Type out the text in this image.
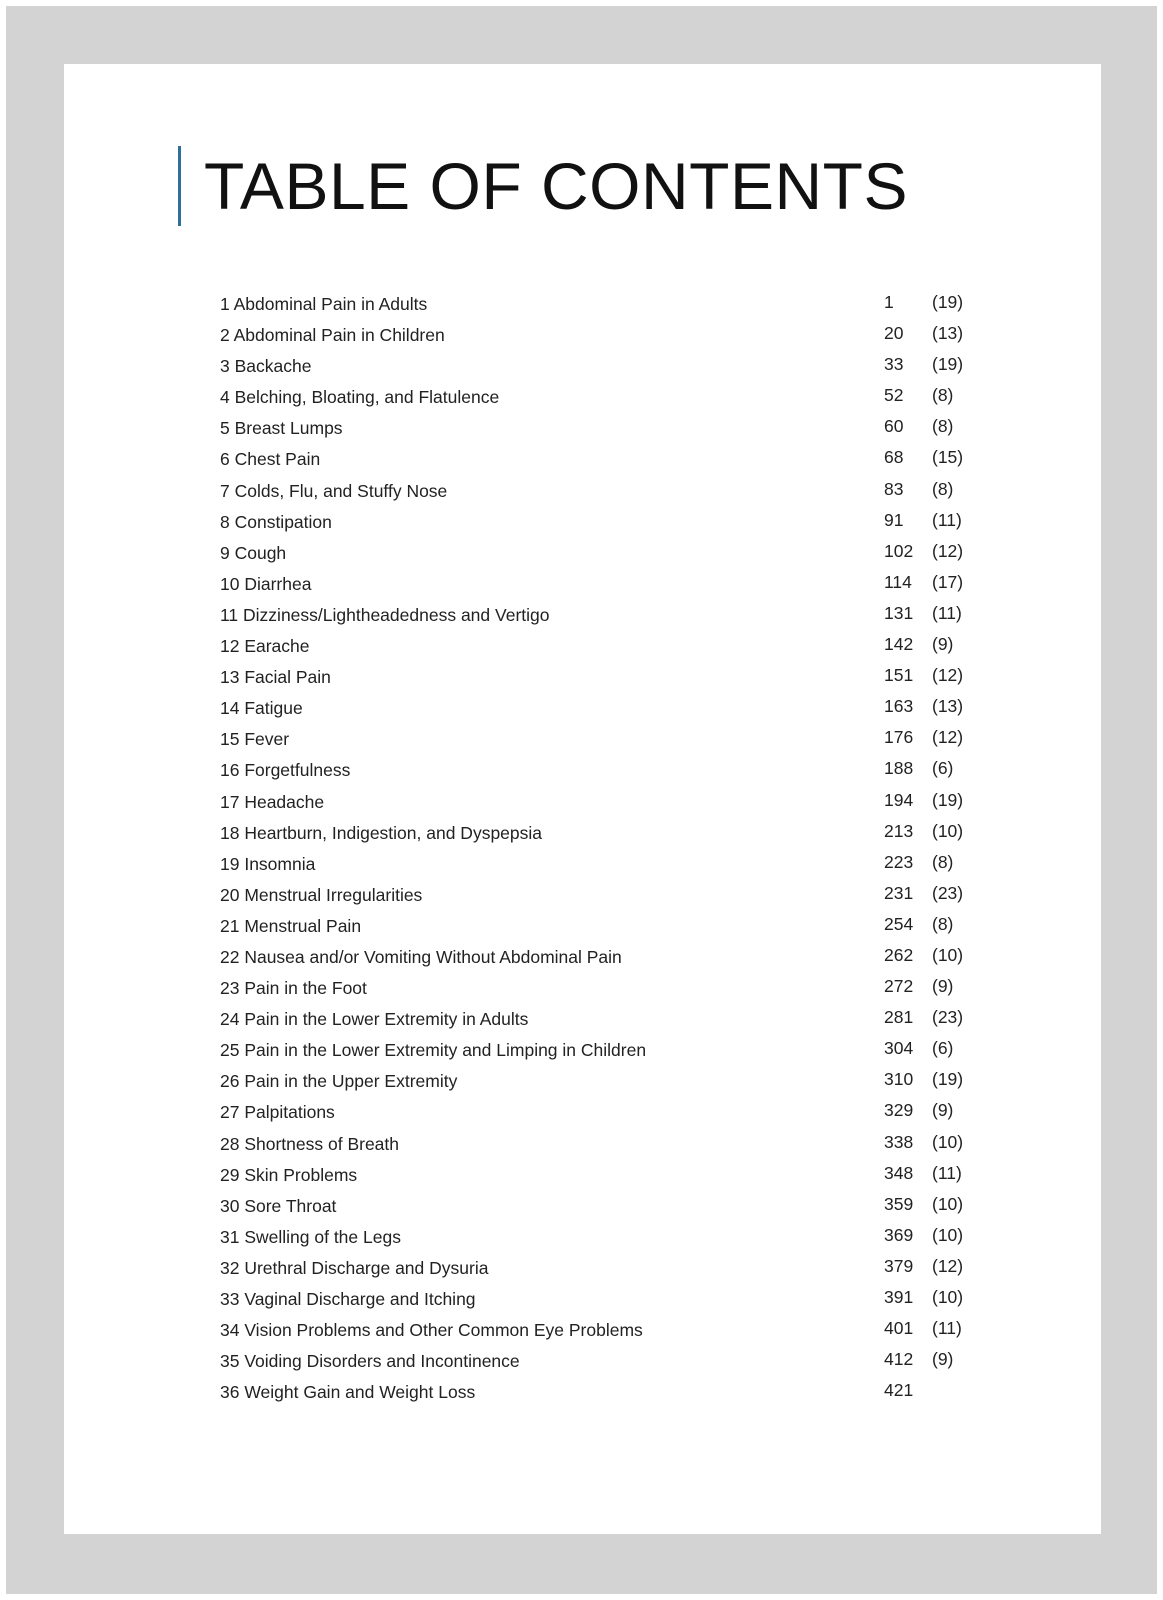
TABLE OF CONTENTS
1 Abdominal Pain in Adults	1 (19)
2 Abdominal Pain in Children	20 (13)
3 Backache	33 (19)
4 Belching, Bloating, and Flatulence	52 (8)
5 Breast Lumps	60 (8)
6 Chest Pain	68 (15)
7 Colds, Flu, and Stuffy Nose	83 (8)
8 Constipation	91 (11)
9 Cough	102 (12)
10 Diarrhea	114 (17)
11 Dizziness/Lightheadedness and Vertigo	131 (11)
12 Earache	142 (9)
13 Facial Pain	151 (12)
14 Fatigue	163 (13)
15 Fever	176 (12)
16 Forgetfulness	188 (6)
17 Headache	194 (19)
18 Heartburn, Indigestion, and Dyspepsia	213 (10)
19 Insomnia	223 (8)
20 Menstrual Irregularities	231 (23)
21 Menstrual Pain	254 (8)
22 Nausea and/or Vomiting Without Abdominal Pain	262 (10)
23 Pain in the Foot	272 (9)
24 Pain in the Lower Extremity in Adults	281 (23)
25 Pain in the Lower Extremity and Limping in Children	304 (6)
26 Pain in the Upper Extremity	310 (19)
27 Palpitations	329 (9)
28 Shortness of Breath	338 (10)
29 Skin Problems	348 (11)
30 Sore Throat	359 (10)
31 Swelling of the Legs	369 (10)
32 Urethral Discharge and Dysuria	379 (12)
33 Vaginal Discharge and Itching	391 (10)
34 Vision Problems and Other Common Eye Problems	401 (11)
35 Voiding Disorders and Incontinence	412 (9)
36 Weight Gain and Weight Loss	421
